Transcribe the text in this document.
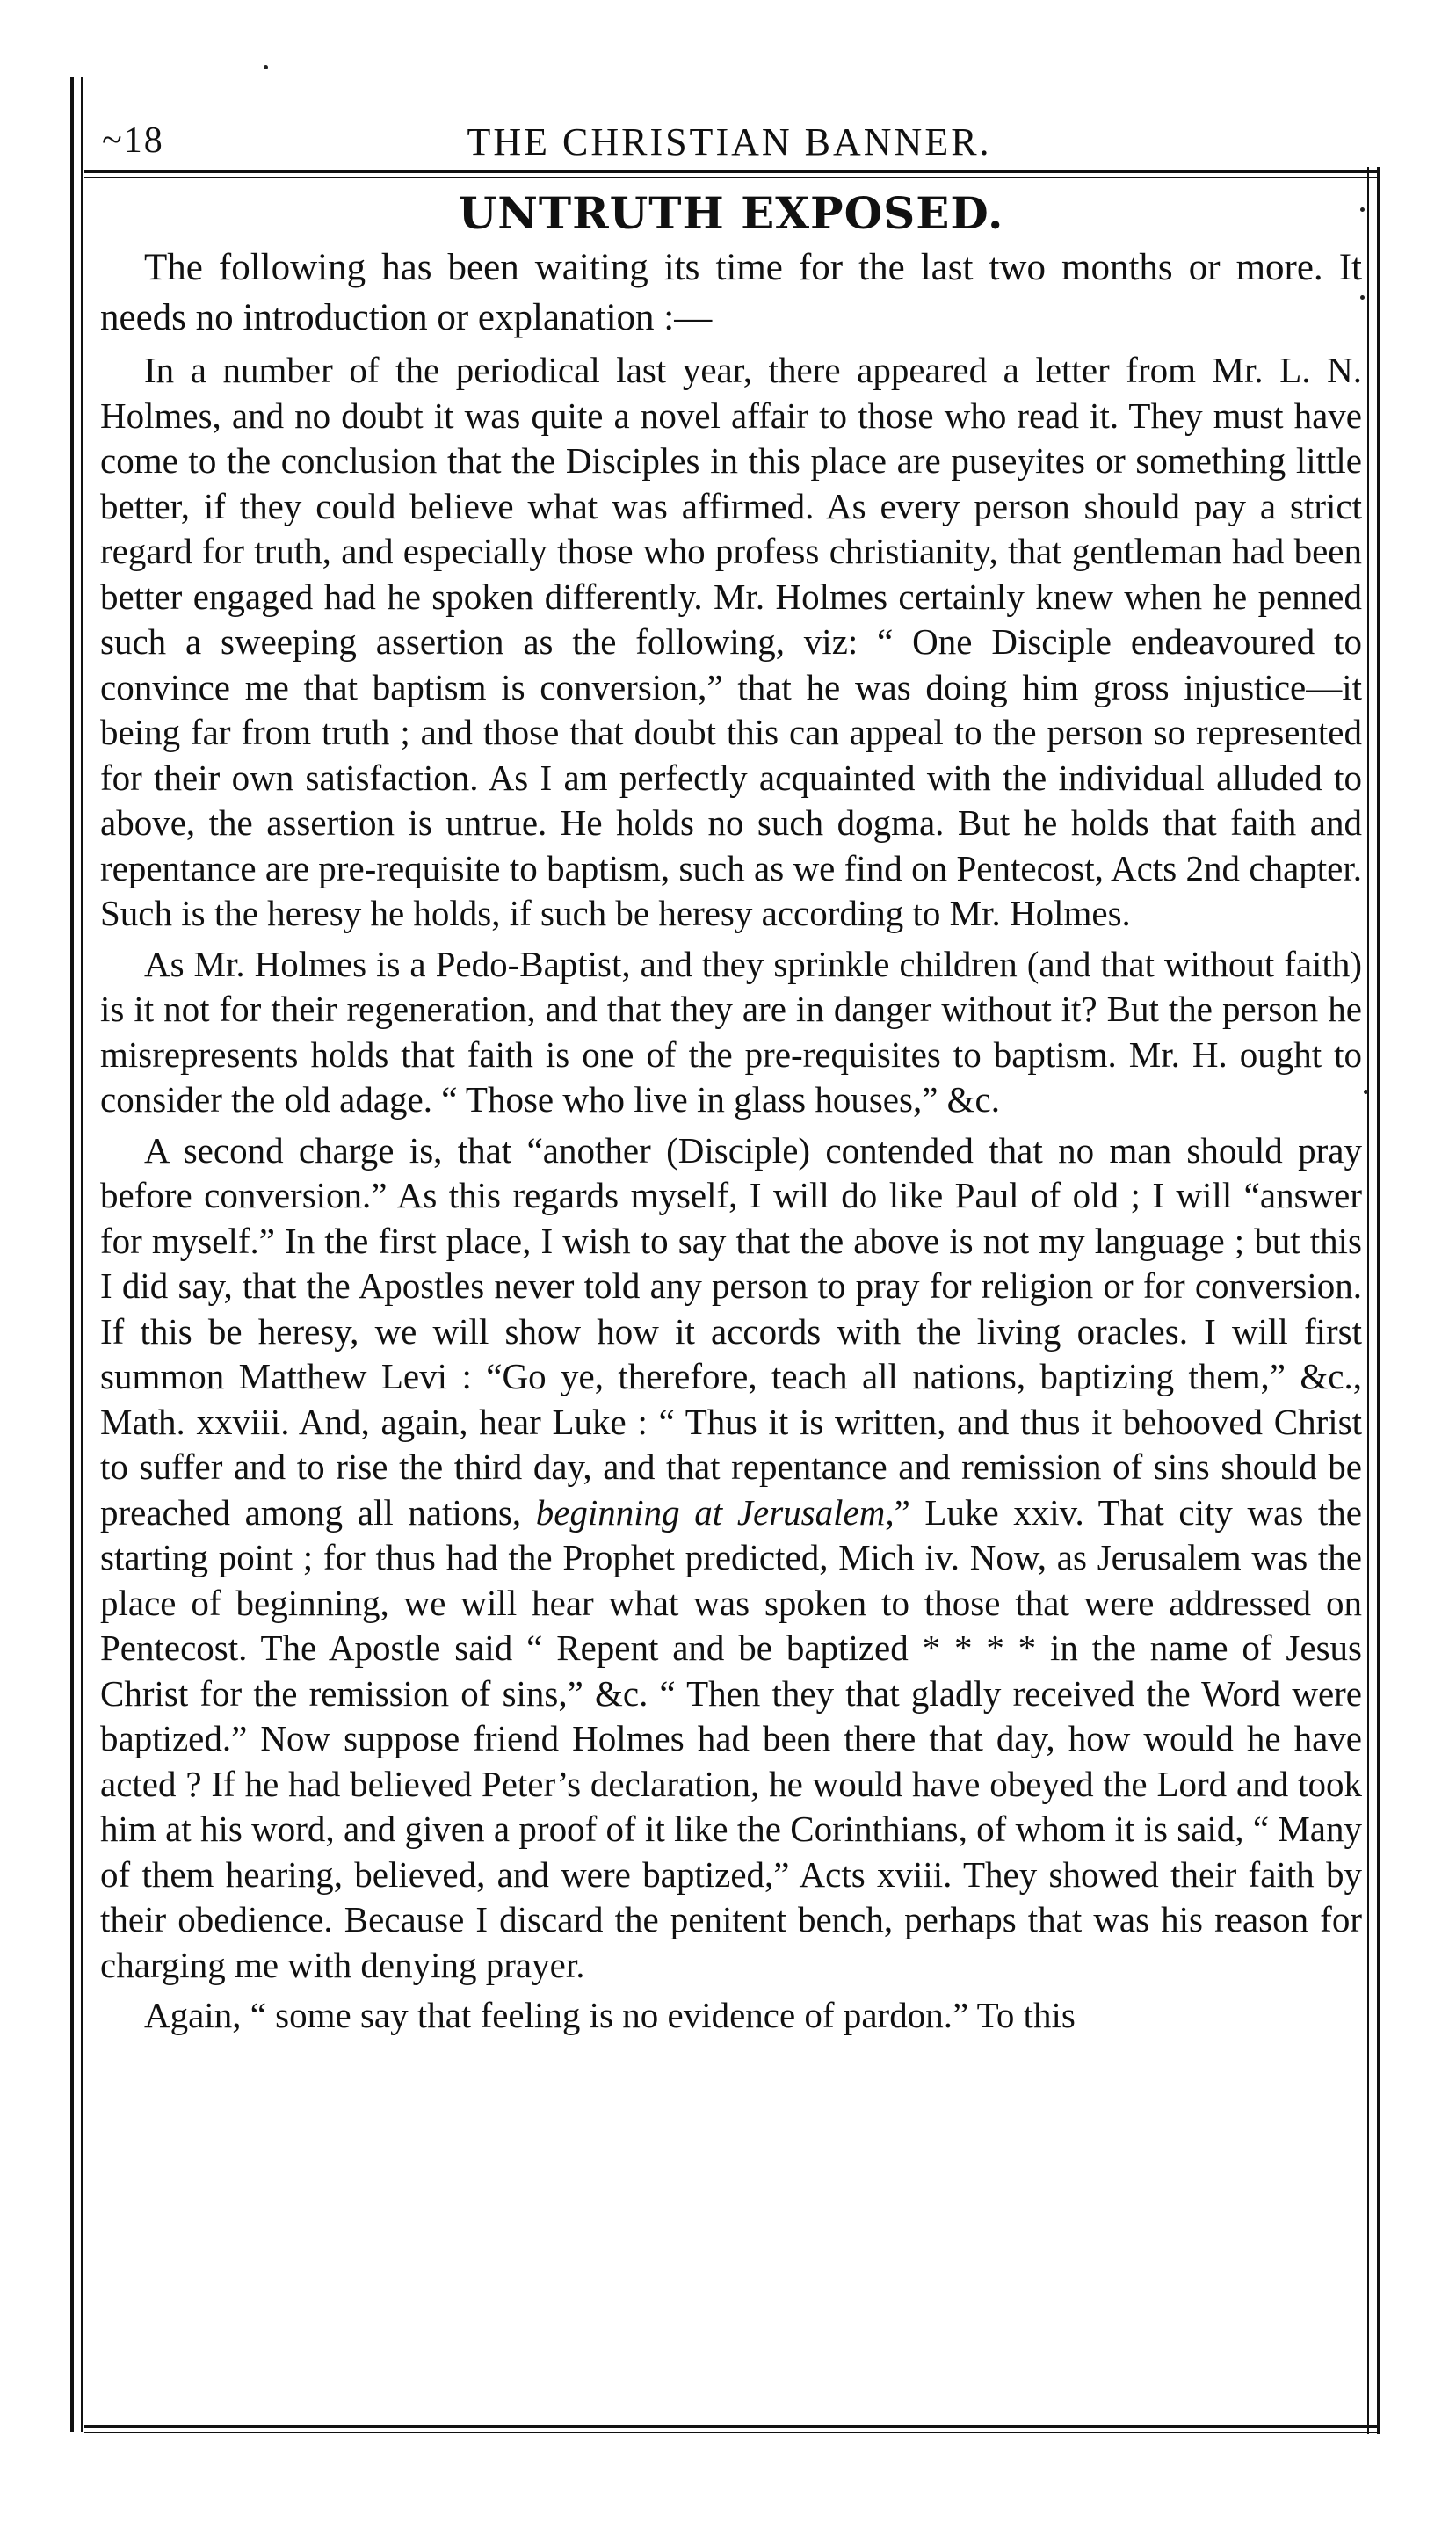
~18	THE CHRISTIAN BANNER.
UNTRUTH EXPOSED.

The following has been waiting its time for the last two months or more. It needs no introduction or explanation :—

In a number of the periodical last year, there appeared a letter from Mr. L. N. Holmes, and no doubt it was quite a novel affair to those who read it. They must have come to the conclusion that the Disciples in this place are puseyites or something little better, if they could believe what was affirmed. As every person should pay a strict regard for truth, and especially those who profess christianity, that gentleman had been better engaged had he spoken differently. Mr. Holmes certainly knew when he penned such a sweeping assertion as the following, viz: “ One Disciple endeavoured to convince me that baptism is conversion,” that he was doing him gross injustice—it being far from truth ; and those that doubt this can appeal to the person so represented for their own satisfaction. As I am perfectly acquainted with the individual alluded to above, the assertion is untrue. He holds no such dogma. But he holds that faith and repentance are pre-requisite to baptism, such as we find on Pentecost, Acts 2nd chapter. Such is the heresy he holds, if such be heresy according to Mr. Holmes.

As Mr. Holmes is a Pedo-Baptist, and they sprinkle children (and that without faith) is it not for their regeneration, and that they are in danger without it? But the person he misrepresents holds that faith is one of the pre-requisites to baptism. Mr. H. ought to consider the old adage. “ Those who live in glass houses,” &c.

A second charge is, that “another (Disciple) contended that no man should pray before conversion.” As this regards myself, I will do like Paul of old ; I will “answer for myself.” In the first place, I wish to say that the above is not my language ; but this I did say, that the Apostles never told any person to pray for religion or for conversion. If this be heresy, we will show how it accords with the living oracles. I will first summon Matthew Levi : “Go ye, therefore, teach all nations, baptizing them,” &c., Math. xxviii. And, again, hear Luke : “ Thus it is written, and thus it behooved Christ to suffer and to rise the third day, and that repentance and remission of sins should be preached among all nations, beginning at Jerusalem,” Luke xxiv. That city was the starting point ; for thus had the Prophet predicted, Mich iv. Now, as Jerusalem was the place of beginning, we will hear what was spoken to those that were addressed on Pentecost. The Apostle said “ Repent and be baptized * * * * in the name of Jesus Christ for the remission of sins,” &c. “ Then they that gladly received the Word were baptized.” Now suppose friend Holmes had been there that day, how would he have acted ? If he had believed Peter’s declaration, he would have obeyed the Lord and took him at his word, and given a proof of it like the Corinthians, of whom it is said, “ Many of them hearing, believed, and were baptized,” Acts xviii. They showed their faith by their obedience. Because I discard the penitent bench, perhaps that was his reason for charging me with denying prayer.

Again, “ some say that feeling is no evidence of pardon.” To this
